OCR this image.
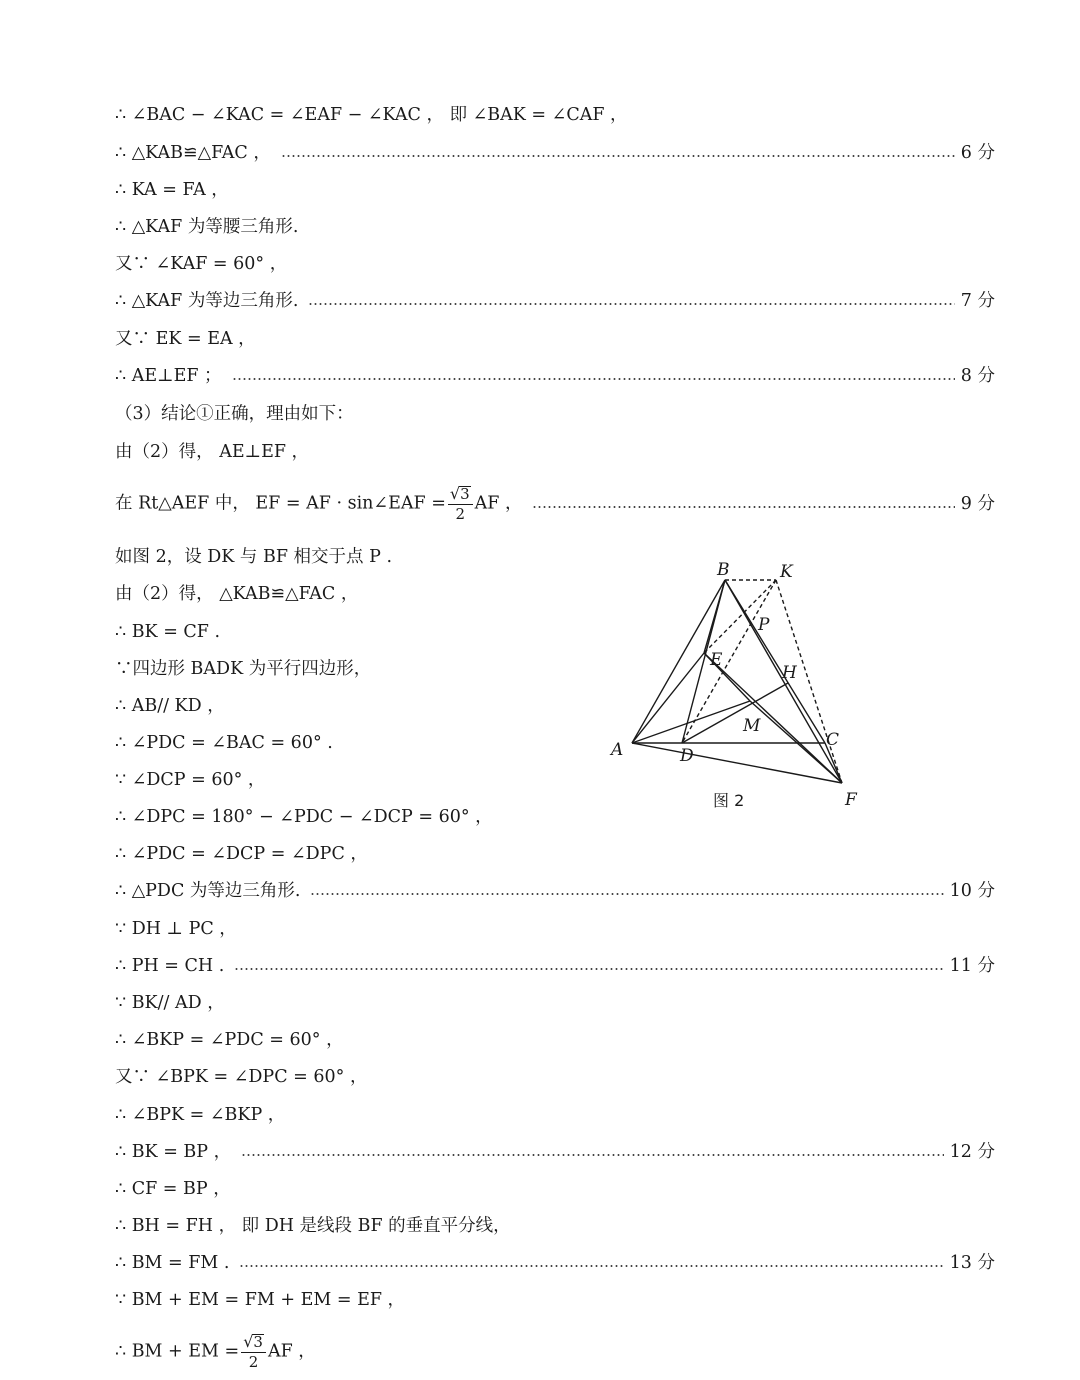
∴ ∠BAC − ∠KAC = ∠EAF − ∠KAC ， 即 ∠BAK = ∠CAF ，
∴ △KAB≌△FAC ，	6 分
∴ KA = FA ，
∴ △KAF 为等腰三角形.
又∵ ∠KAF = 60° ，
∴ △KAF 为等边三角形.	7 分
又∵ EK = EA ，
∴ AE⊥EF ；	8 分
（3）结论①正确，理由如下：
由（2）得， AE⊥EF ，
在 Rt△AEF 中， EF = AF · sin∠EAF = $\frac{√ 3}{2}$ AF ，	9 分
如图 2，设 DK 与 BF 相交于点 P .
由（2）得， △KAB≌△FAC ，
∴ BK = CF .
∵四边形 BADK 为平行四边形，
∴ AB// KD ，
∴ ∠PDC = ∠BAC = 60° .
∵ ∠DCP = 60° ，
∴ ∠DPC = 180° − ∠PDC − ∠DCP = 60° ，
∴ ∠PDC = ∠DCP = ∠DPC ，
∴ △PDC 为等边三角形.	10 分
∵ DH ⊥ PC ，
∴ PH = CH .	11 分
∵ BK// AD ，
∴ ∠BKP = ∠PDC = 60° ，
又∵ ∠BPK = ∠DPC = 60° ，
∴ ∠BPK = ∠BKP ，
∴ BK = BP ，	12 分
∴ CF = BP ，
∴ BH = FH ， 即 DH 是线段 BF 的垂直平分线，
∴ BM = FM .	13 分
∵ BM + EM = FM + EM = EF ，
∴ BM + EM = $\frac{√ 3}{2}$ AF ，
B	K
P
E
H
M
C
A	D
F
图 2
